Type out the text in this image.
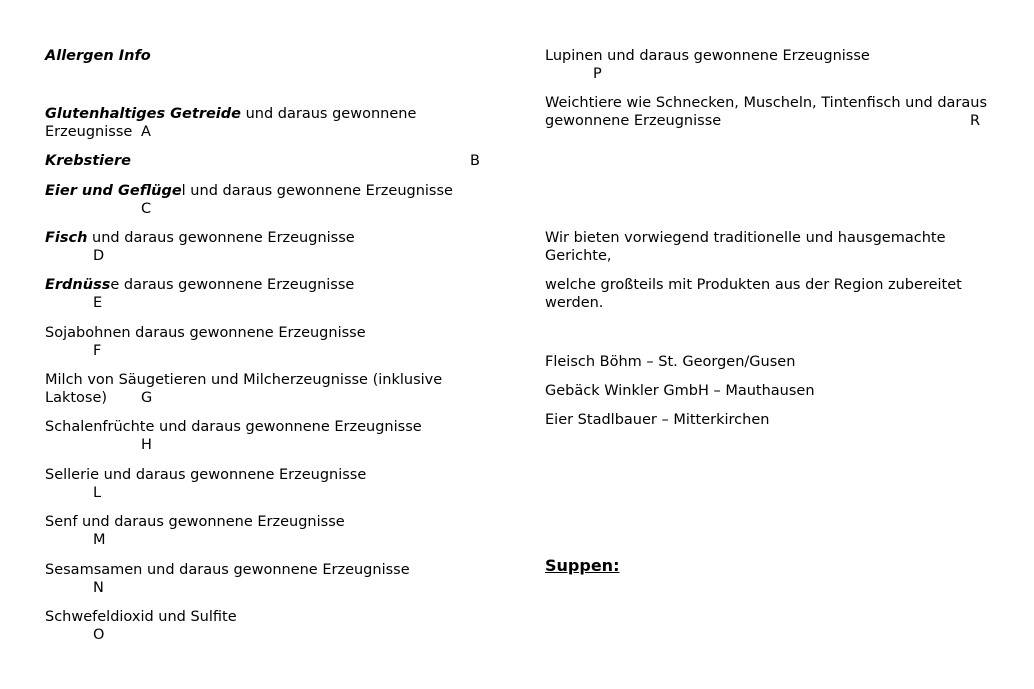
Allergen Info
Glutenhaltiges Getreide und daraus gewonnene
Erzeugnisse A
Krebstiere	B
Eier und Geflügel und daraus gewonnene Erzeugnisse
C
Fisch und daraus gewonnene Erzeugnisse
D
Erdnüsse daraus gewonnene Erzeugnisse
E
Sojabohnen daraus gewonnene Erzeugnisse
F
Milch von Säugetieren und Milcherzeugnisse (inklusive
Laktose) G
Schalenfrüchte und daraus gewonnene Erzeugnisse
H
Sellerie und daraus gewonnene Erzeugnisse
L
Senf und daraus gewonnene Erzeugnisse
M
Sesamsamen und daraus gewonnene Erzeugnisse
N
Schwefeldioxid und Sulfite
O
Lupinen und daraus gewonnene Erzeugnisse
P
Weichtiere wie Schnecken, Muscheln, Tintenfisch und daraus
gewonnene Erzeugnisse	R
Wir bieten vorwiegend traditionelle und hausgemachte
Gerichte,
welche großteils mit Produkten aus der Region zubereitet
werden.
Fleisch Böhm – St. Georgen/Gusen
Gebäck Winkler GmbH – Mauthausen
Eier Stadlbauer – Mitterkirchen
Suppen:
